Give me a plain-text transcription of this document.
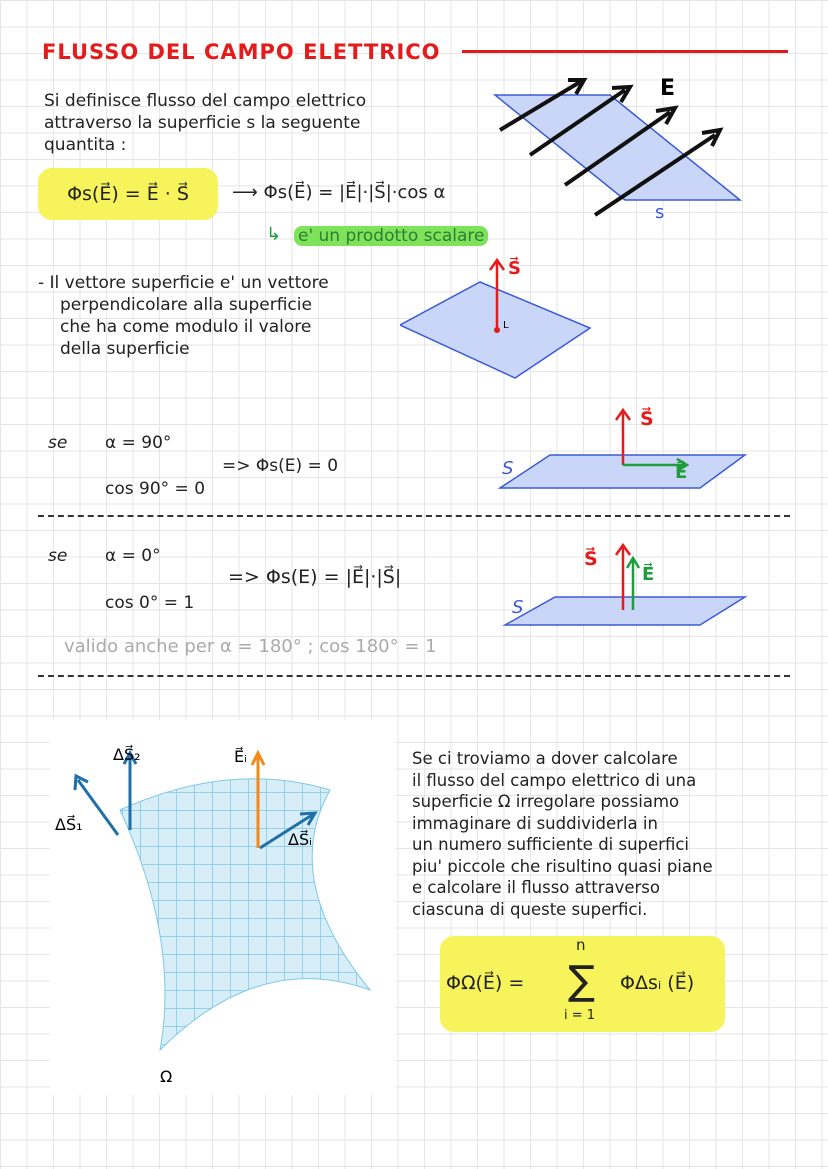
FLUSSO DEL CAMPO ELETTRICO
Si definisce flusso del campo elettrico
attraverso la superficie s la seguente
quantita :
Φs(E⃗) = E⃗ · S⃗	⟶ Φs(E⃗) = |E⃗|·|S⃗|·cos α
↳ e' un prodotto scalare
E
s
- Il vettore superficie e' un vettore
perpendicolare alla superficie
che ha come modulo il valore
della superficie
L
S⃗
se α = 90°
cos 90° = 0
=> Φs(E) = 0
S⃗
E⃗
S
se α = 0°
cos 0° = 1
=> Φs(E) = |E⃗|·|S⃗|
S⃗
E⃗
S
valido anche per α = 180° ; cos 180° = 1
ΔS⃗₁
ΔS⃗₂	E⃗ᵢ
ΔS⃗ᵢ
Ω
Se ci troviamo a dover calcolare
il flusso del campo elettrico di una
superficie Ω irregolare possiamo
immaginare di suddividerla in
un numero sufficiente di superfici
piu' piccole che risultino quasi piane
e calcolare il flusso attraverso
ciascuna di queste superfici.
ΦΩ(E⃗) =
n
∑
i = 1
ΦΔsᵢ (E⃗)
